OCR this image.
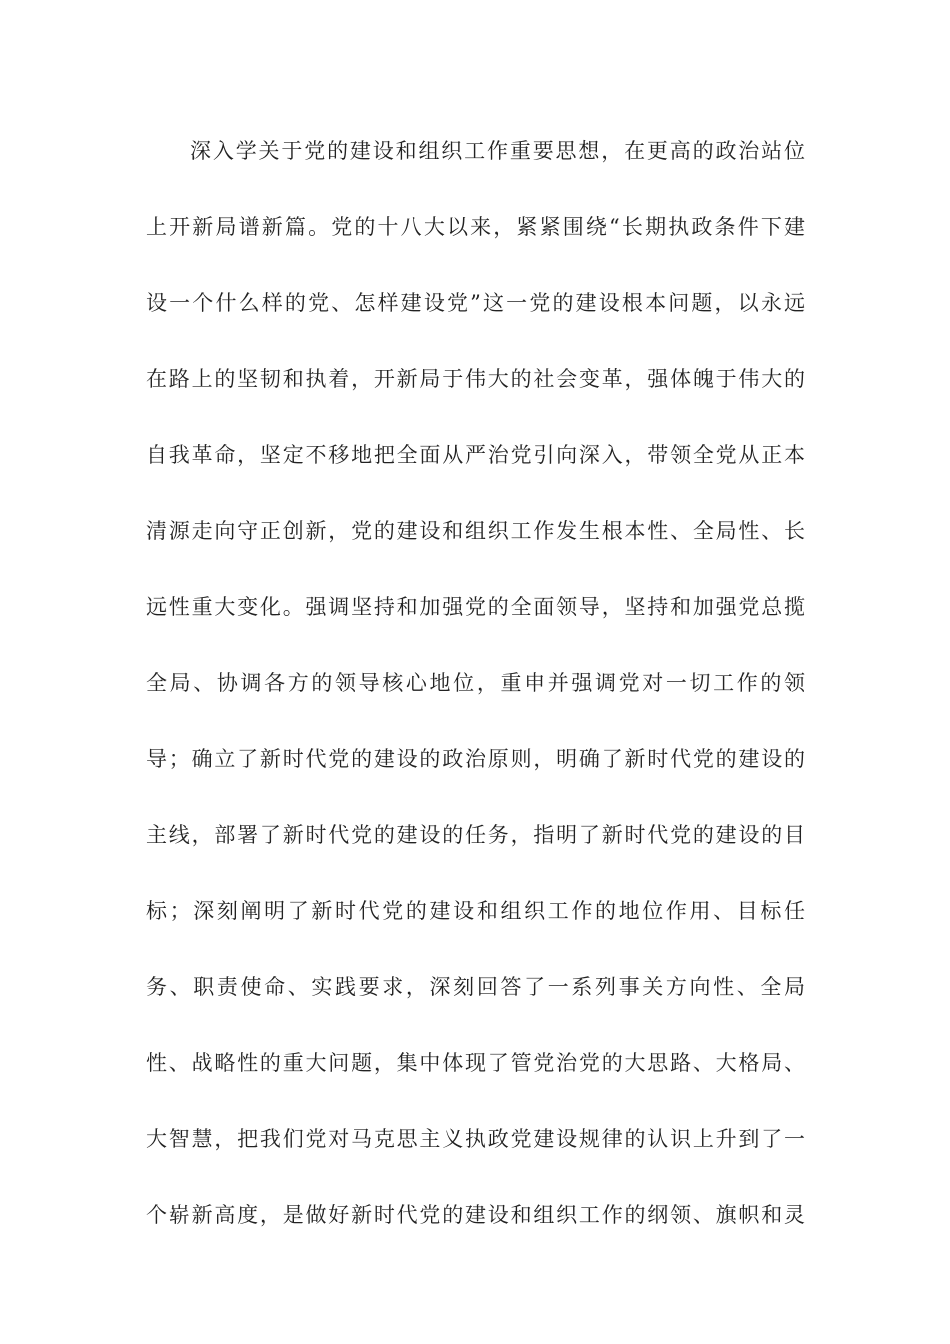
深入学关于党的建设和组织工作重要思想，在更高的政治站位
上开新局谱新篇。党的十八大以来，紧紧围绕“长期执政条件下建
设一个什么样的党、怎样建设党”这一党的建设根本问题，以永远
在路上的坚韧和执着，开新局于伟大的社会变革，强体魄于伟大的
自我革命，坚定不移地把全面从严治党引向深入，带领全党从正本
清源走向守正创新，党的建设和组织工作发生根本性、全局性、长
远性重大变化。强调坚持和加强党的全面领导，坚持和加强党总揽
全局、协调各方的领导核心地位，重申并强调党对一切工作的领
导；确立了新时代党的建设的政治原则，明确了新时代党的建设的
主线，部署了新时代党的建设的任务，指明了新时代党的建设的目
标；深刻阐明了新时代党的建设和组织工作的地位作用、目标任
务、职责使命、实践要求，深刻回答了一系列事关方向性、全局
性、战略性的重大问题，集中体现了管党治党的大思路、大格局、
大智慧，把我们党对马克思主义执政党建设规律的认识上升到了一
个崭新高度，是做好新时代党的建设和组织工作的纲领、旗帜和灵
